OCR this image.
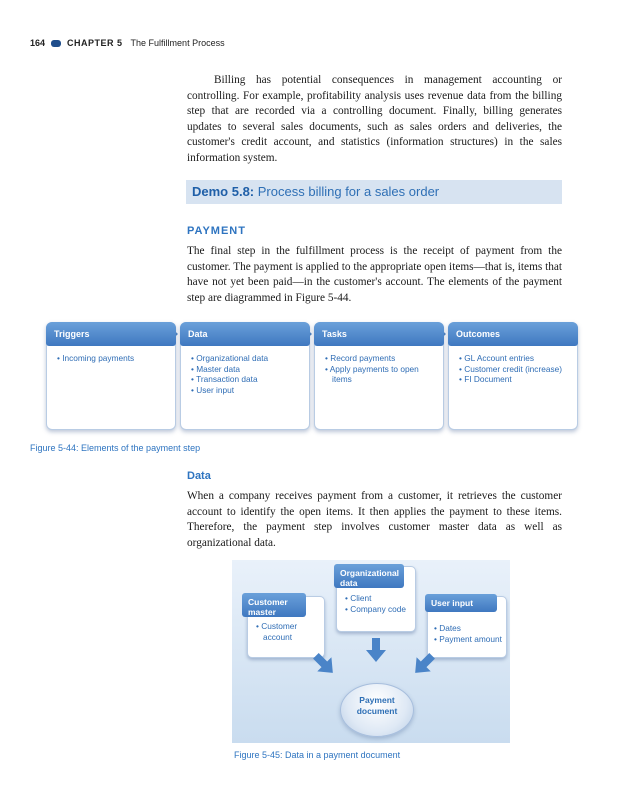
164 CHAPTER 5 The Fulfillment Process

Billing has potential consequences in management accounting or controlling. For example, profitability analysis uses revenue data from the billing step that are recorded via a controlling document. Finally, billing generates updates to several sales documents, such as sales orders and deliveries, the customer's credit account, and statistics (information structures) in the sales information system.

Demo 5.8: Process billing for a sales order
PAYMENT

The final step in the fulfillment process is the receipt of payment from the customer. The payment is applied to the appropriate open items—that is, items that have not yet been paid—in the customer's account. The elements of the payment step are diagrammed in Figure 5-44.

Triggers
• Incoming payments
Data
• Organizational data
• Master data
• Transaction data
• User input
Tasks
• Record payments
• Apply payments to open items
Outcomes
• GL Account entries
• Customer credit (increase)
• FI Document
Figure 5-44: Elements of the payment step
Data

When a company receives payment from a customer, it retrieves the customer account to identify the open items. It then applies the payment to these items. Therefore, the payment step involves customer master data as well as organizational data.

Organizational data
• Client
• Company code
Customer master
• Customer account
User input
• Dates
• Payment amount
Payment document
Figure 5-45: Data in a payment document
